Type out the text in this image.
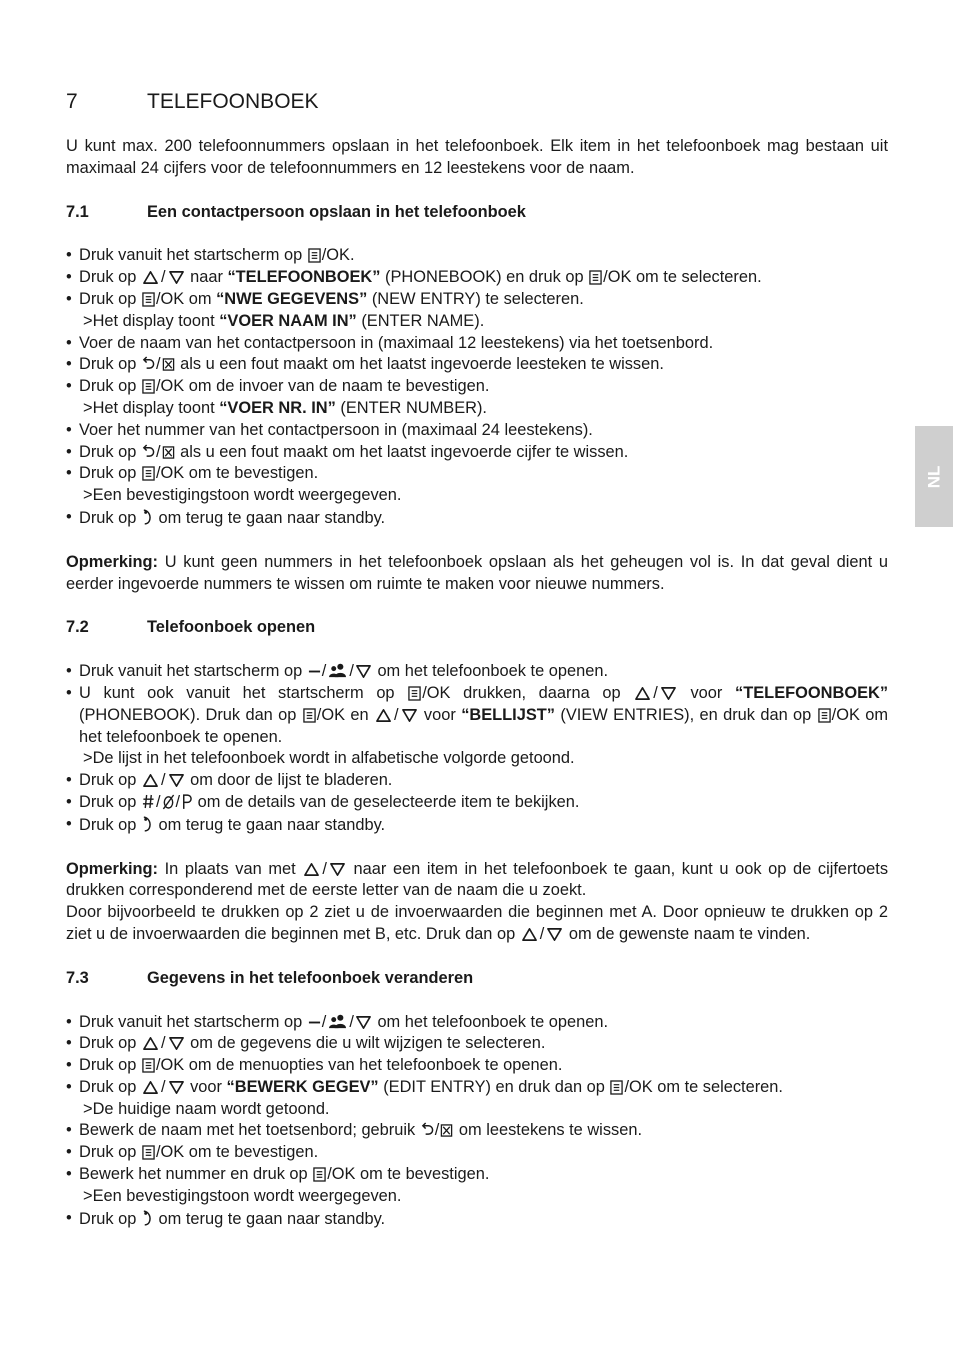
7	TELEFOONBOEK

U kunt max. 200 telefoonnummers opslaan in het telefoonboek. Elk item in het telefoonboek mag bestaan uit maximaal 24 cijfers voor de telefoonnummers en 12 leestekens voor de naam.

7.1	Een contactpersoon opslaan in het telefoonboek
• Druk vanuit het startscherm op /OK.
• Druk op / naar “TELEFOONBOEK” (PHONEBOOK) en druk op /OK om te selecteren.
• Druk op /OK om “NWE GEGEVENS” (NEW ENTRY) te selecteren.
>Het display toont “VOER NAAM IN” (ENTER NAME).
• Voer de naam van het contactpersoon in (maximaal 12 leestekens) via het toetsenbord.
• Druk op / als u een fout maakt om het laatst ingevoerde leesteken te wissen.
• Druk op /OK om de invoer van de naam te bevestigen.
>Het display toont “VOER NR. IN” (ENTER NUMBER).
• Voer het nummer van het contactpersoon in (maximaal 24 leestekens).
• Druk op / als u een fout maakt om het laatst ingevoerde cijfer te wissen.
• Druk op /OK om te bevestigen.
>Een bevestigingstoon wordt weergegeven.
• Druk op om terug te gaan naar standby.

Opmerking: U kunt geen nummers in het telefoonboek opslaan als het geheugen vol is. In dat geval dient u eerder ingevoerde nummers te wissen om ruimte te maken voor nieuwe nummers.

7.2	Telefoonboek openen
• Druk vanuit het startscherm op / / om het telefoonboek te openen.
• U kunt ook vanuit het startscherm op /OK drukken, daarna op / voor “TELEFOONBOEK” (PHONEBOOK). Druk dan op /OK en / voor “BELLIJST” (VIEW ENTRIES), en druk dan op /OK om het telefoonboek te openen.
>De lijst in het telefoonboek wordt in alfabetische volgorde getoond.
• Druk op / om door de lijst te bladeren.
• Druk op / / om de details van de geselecteerde item te bekijken.
• Druk op om terug te gaan naar standby.

Opmerking: In plaats van met / naar een item in het telefoonboek te gaan, kunt u ook op de cijfertoets drukken corresponderend met de eerste letter van de naam die u zoekt.

Door bijvoorbeeld te drukken op 2 ziet u de invoerwaarden die beginnen met A. Door opnieuw te drukken op 2 ziet u de invoerwaarden die beginnen met B, etc. Druk dan op / om de gewenste naam te vinden.

7.3	Gegevens in het telefoonboek veranderen
• Druk vanuit het startscherm op / / om het telefoonboek te openen.
• Druk op / om de gegevens die u wilt wijzigen te selecteren.
• Druk op /OK om de menuopties van het telefoonboek te openen.
• Druk op / voor “BEWERK GEGEV” (EDIT ENTRY) en druk dan op /OK om te selecteren.
>De huidige naam wordt getoond.
• Bewerk de naam met het toetsenbord; gebruik / om leestekens te wissen.
• Druk op /OK om te bevestigen.
• Bewerk het nummer en druk op /OK om te bevestigen.
>Een bevestigingstoon wordt weergegeven.
• Druk op om terug te gaan naar standby.
NL
